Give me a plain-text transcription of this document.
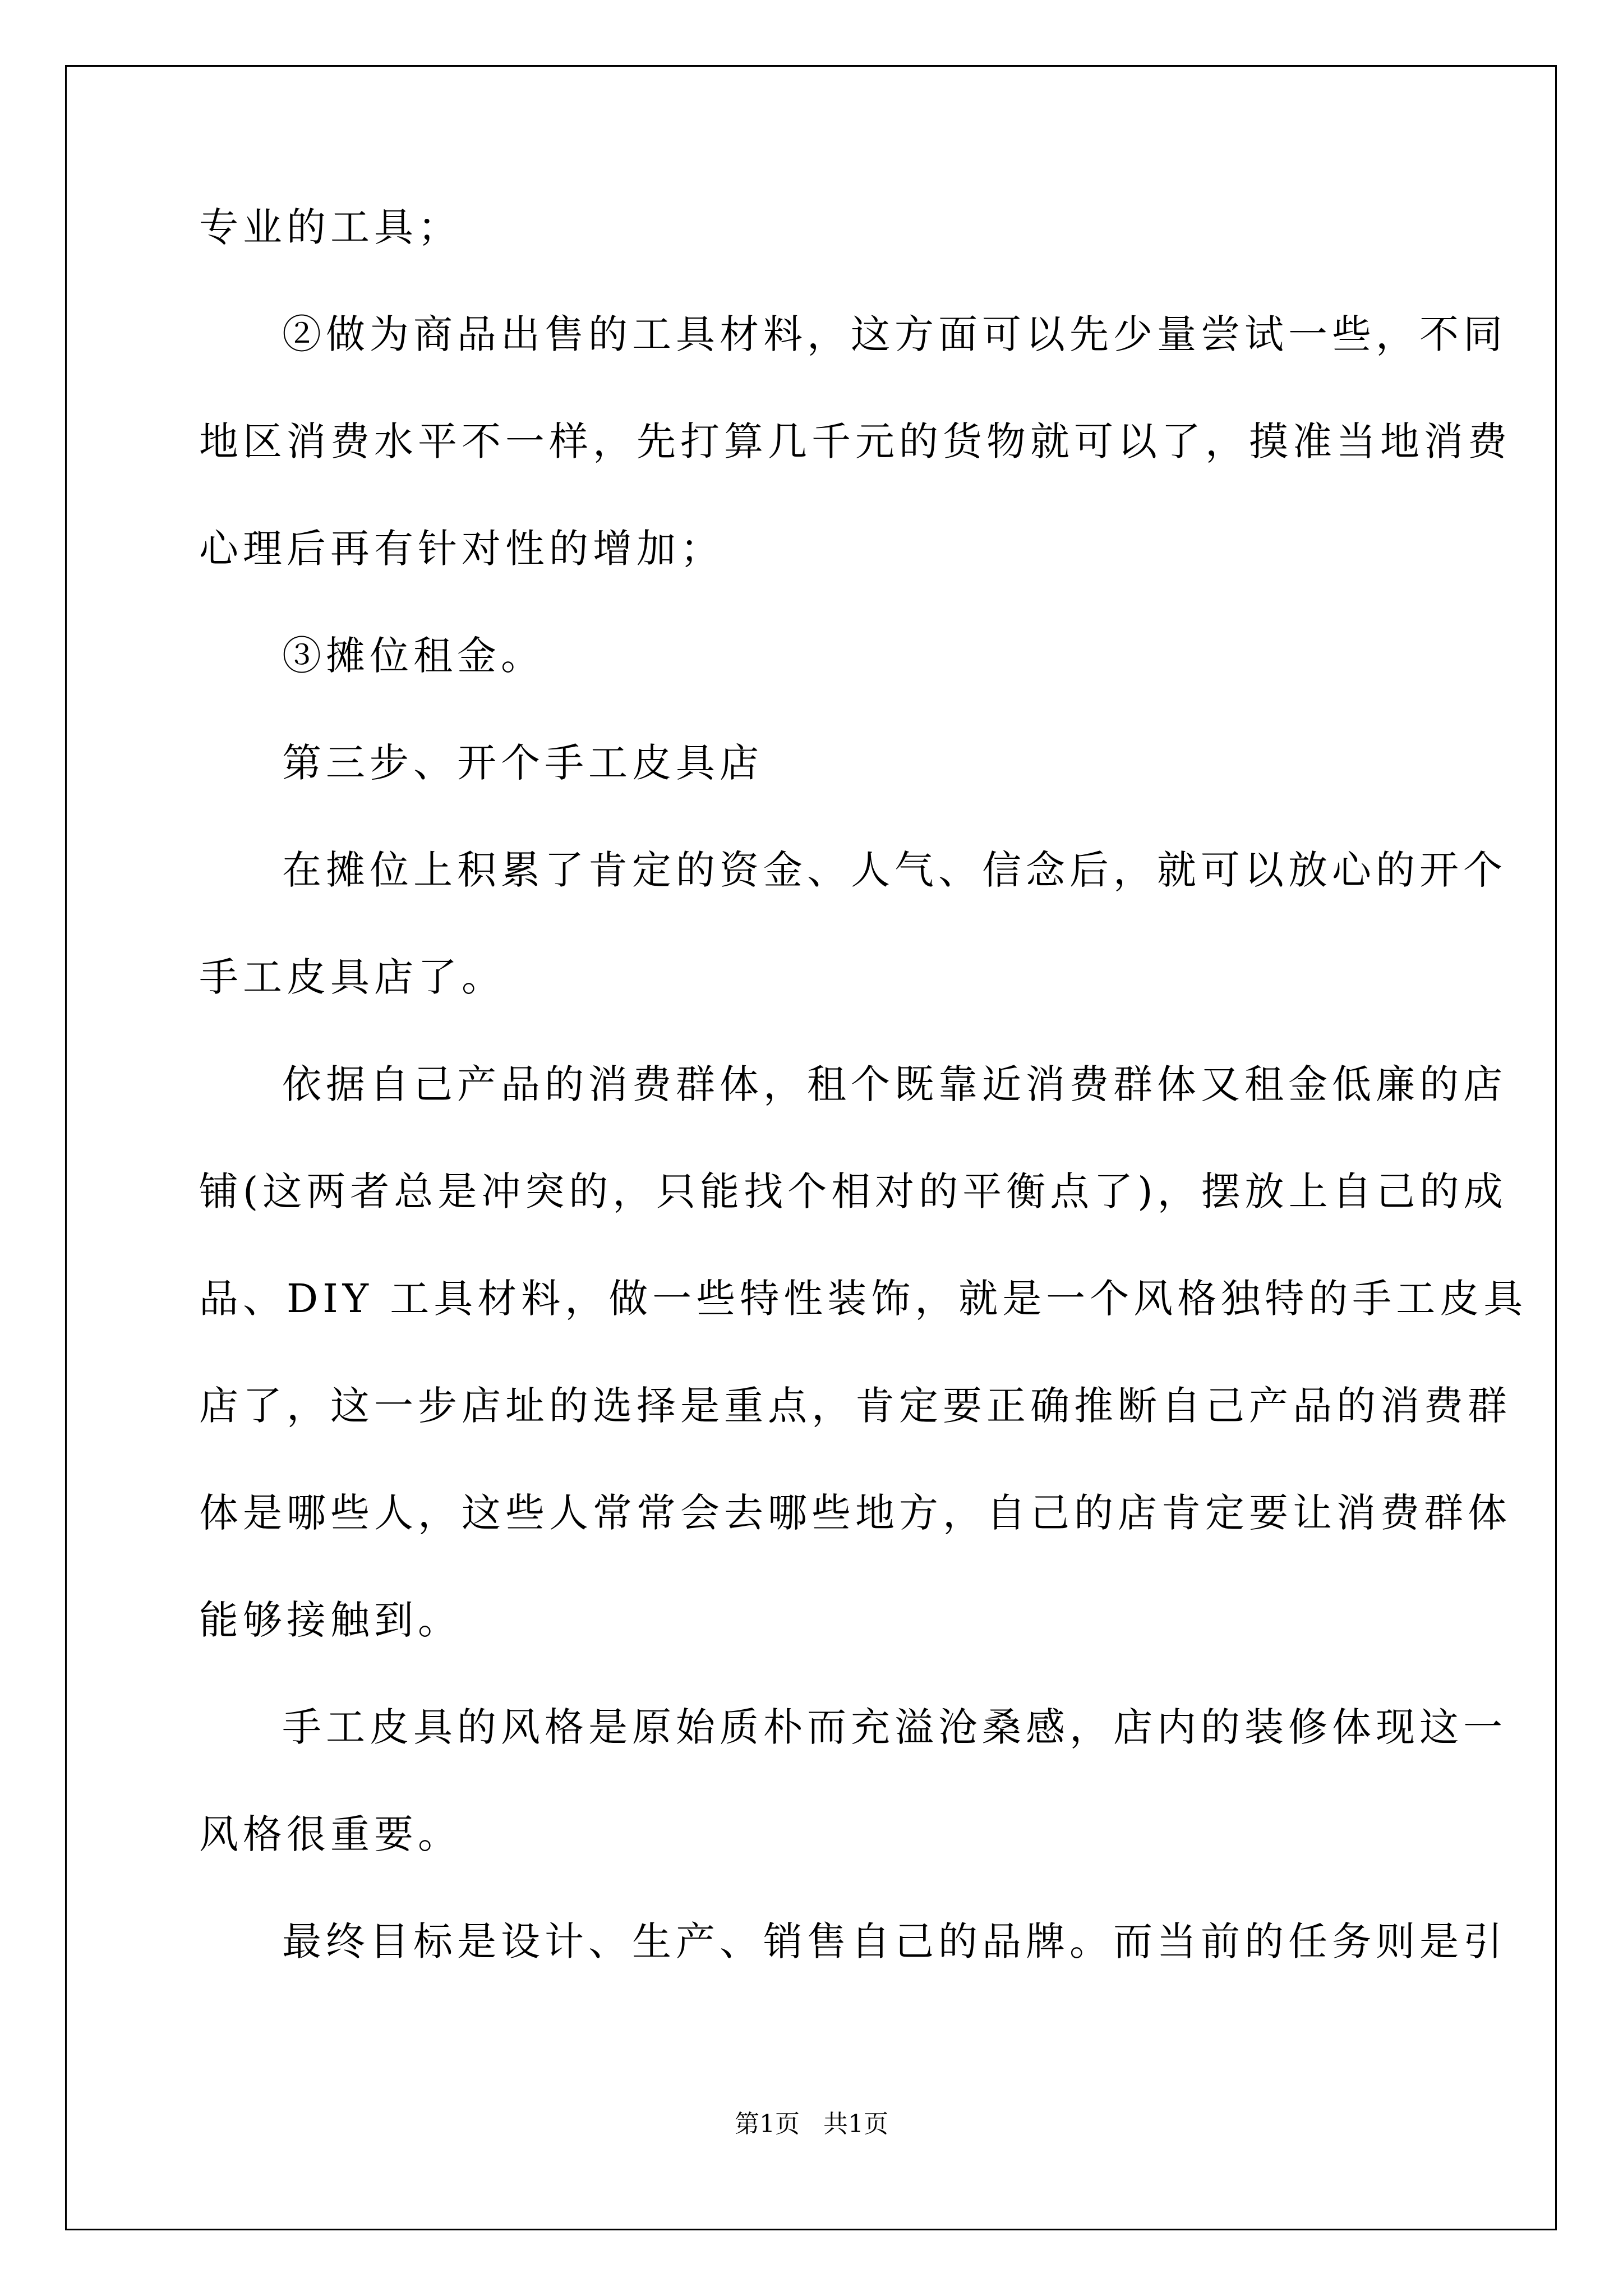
专业的工具；
②做为商品出售的工具材料，这方面可以先少量尝试一些，不同
地区消费水平不一样，先打算几千元的货物就可以了，摸准当地消费
心理后再有针对性的增加；
③摊位租金。
第三步、开个手工皮具店
在摊位上积累了肯定的资金、人气、信念后，就可以放心的开个
手工皮具店了。
依据自己产品的消费群体，租个既靠近消费群体又租金低廉的店
铺(这两者总是冲突的，只能找个相对的平衡点了)，摆放上自己的成
品、DIY 工具材料，做一些特性装饰，就是一个风格独特的手工皮具
店了，这一步店址的选择是重点，肯定要正确推断自己产品的消费群
体是哪些人，这些人常常会去哪些地方，自己的店肯定要让消费群体
能够接触到。
手工皮具的风格是原始质朴而充溢沧桑感，店内的装修体现这一
风格很重要。
最终目标是设计、生产、销售自己的品牌。而当前的任务则是引
第1页   共1页
